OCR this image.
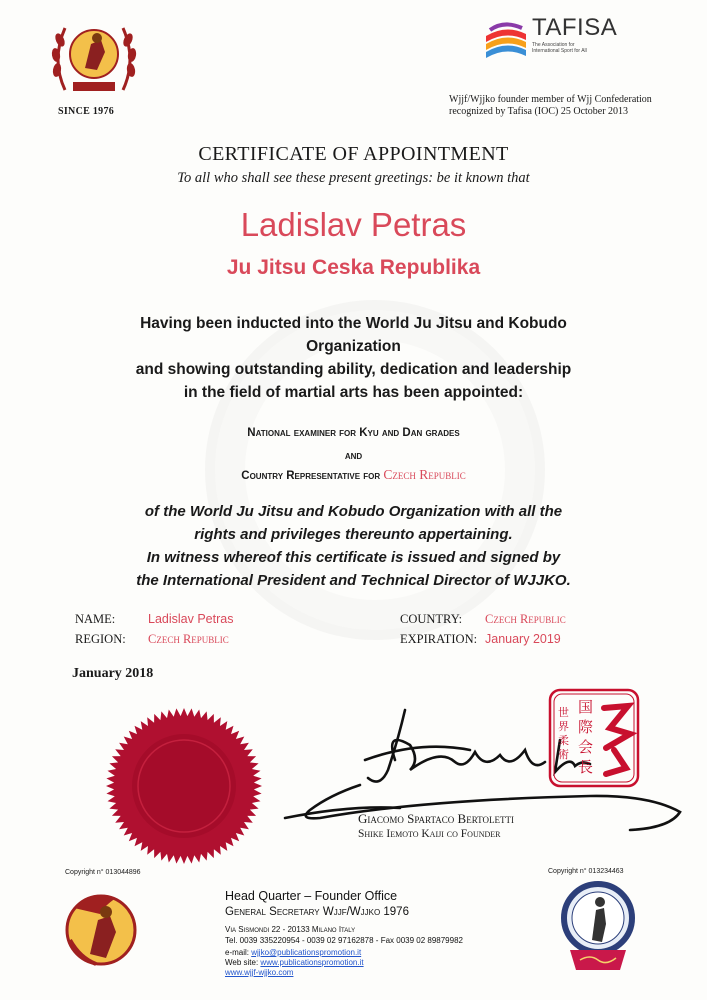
SINCE 1976
TAFISA
The Association for International Sport for All
Wjjf/Wjjko founder member of Wjj Confederation
recognized by Tafisa (IOC) 25 October 2013
CERTIFICATE OF APPOINTMENT
To all who shall see these present greetings: be it known that
Ladislav Petras
Ju Jitsu Ceska Republika
Having been inducted into the World Ju Jitsu and Kobudo
Organization
and showing outstanding ability, dedication and leadership
in the field of martial arts has been appointed:
National examiner for Kyu and Dan grades
and
Country Representative for Czech Republic
of the World Ju Jitsu and Kobudo Organization with all the
rights and privileges thereunto appertaining.
In witness whereof this certificate is issued and signed by
the International President and Technical Director of WJJKO.
NAME:	Ladislav Petras
REGION: Czech Republic
COUNTRY: Czech Republic
EXPIRATION: January 2019
January 2018
国
際
会
長
世
界
柔
術
Giacomo Spartaco Bertoletti
Shike Iemoto Kaiji co Founder
Copyright n° 013044896	Copyright n° 013234463
Head Quarter – Founder Office
General Secretary Wjjf/Wjjko 1976
Via Sismondi 22 - 20133 Milano Italy
Tel. 0039 335220954 - 0039 02 97162878 - Fax 0039 02 89879982
e-mail: wjjko@publicationspromotion.it
Web site: www.publicationspromotion.it
www.wjjf-wjjko.com
